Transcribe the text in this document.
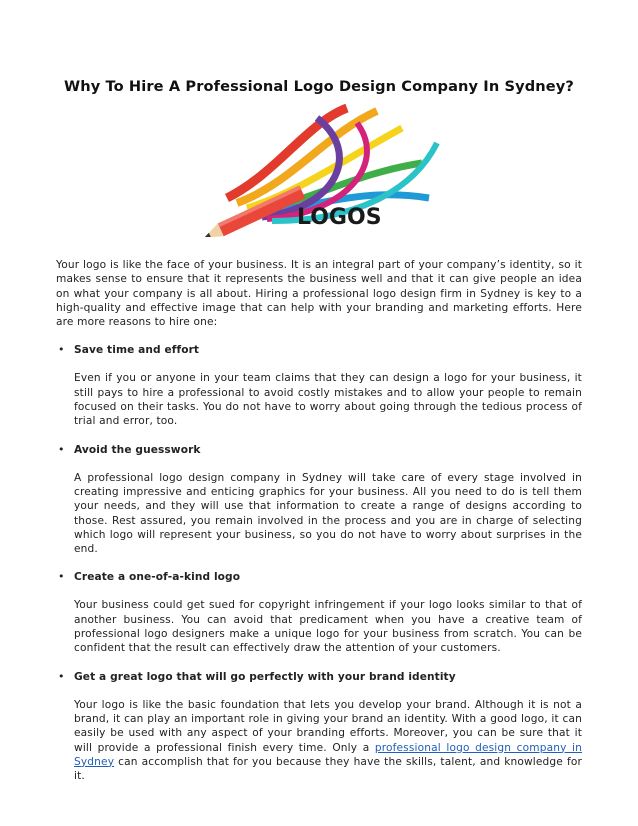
Why To Hire A Professional Logo Design Company In Sydney?
LOGOS

Your logo is like the face of your business. It is an integral part of your company’s identity, so it makes sense to ensure that it represents the business well and that it can give people an idea on what your company is all about. Hiring a professional logo design firm in Sydney is key to a high-quality and effective image that can help with your branding and marketing efforts. Here are more reasons to hire one:

• Save time and effort

Even if you or anyone in your team claims that they can design a logo for your business, it still pays to hire a professional to avoid costly mistakes and to allow your people to remain focused on their tasks. You do not have to worry about going through the tedious process of trial and error, too.

• Avoid the guesswork

A professional logo design company in Sydney will take care of every stage involved in creating impressive and enticing graphics for your business. All you need to do is tell them your needs, and they will use that information to create a range of designs according to those. Rest assured, you remain involved in the process and you are in charge of selecting which logo will represent your business, so you do not have to worry about surprises in the end.

• Create a one-of-a-kind logo

Your business could get sued for copyright infringement if your logo looks similar to that of another business. You can avoid that predicament when you have a creative team of professional logo designers make a unique logo for your business from scratch. You can be confident that the result can effectively draw the attention of your customers.

• Get a great logo that will go perfectly with your brand identity

Your logo is like the basic foundation that lets you develop your brand. Although it is not a brand, it can play an important role in giving your brand an identity. With a good logo, it can easily be used with any aspect of your branding efforts. Moreover, you can be sure that it will provide a professional finish every time. Only a professional logo design company in Sydney can accomplish that for you because they have the skills, talent, and knowledge for it.
